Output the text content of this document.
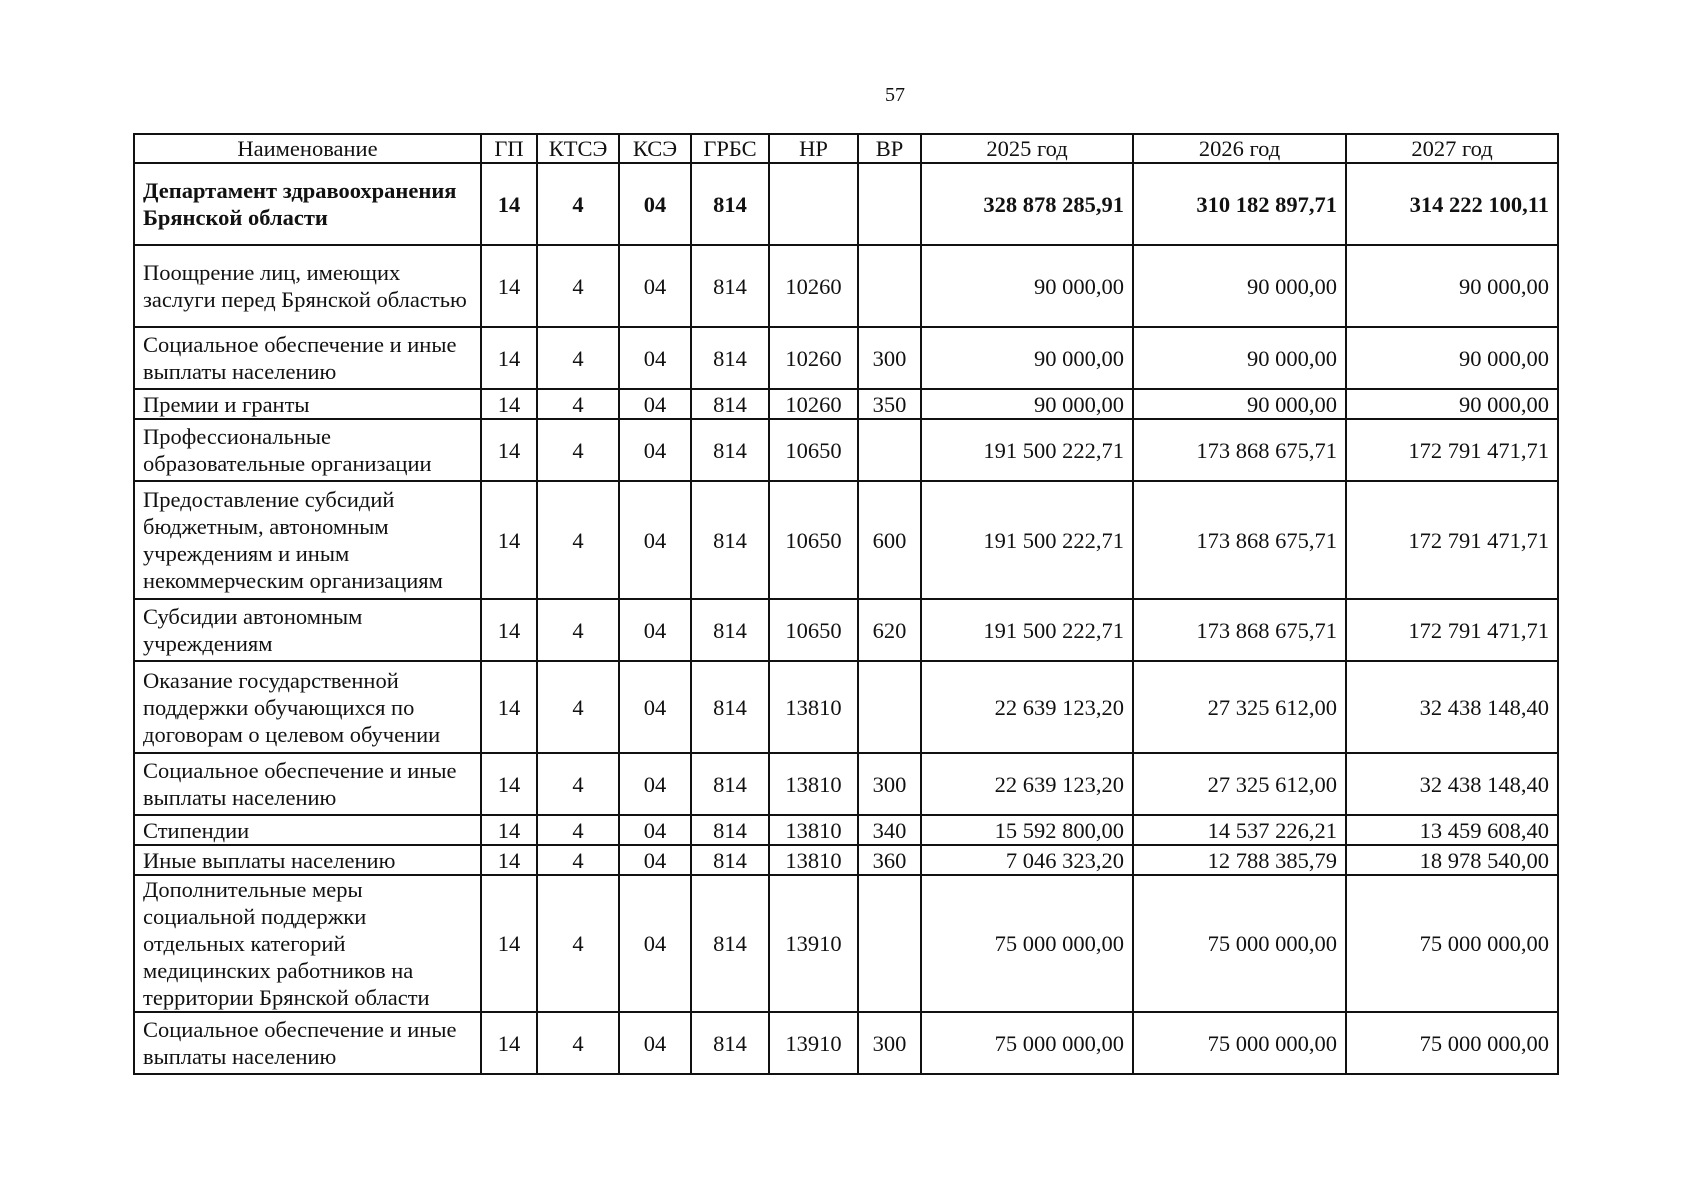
57
Наименование	ГП	КТСЭ	КСЭ	ГРБС	НР	ВР	2025 год	2026 год	2027 год
Департамент здравоохранения Брянской области	14	4	04	814			328 878 285,91	310 182 897,71	314 222 100,11
Поощрение лиц, имеющих заслуги перед Брянской областью	14	4	04	814	10260		90 000,00	90 000,00	90 000,00
Социальное обеспечение и иные выплаты населению	14	4	04	814	10260	300	90 000,00	90 000,00	90 000,00
Премии и гранты	14	4	04	814	10260	350	90 000,00	90 000,00	90 000,00
Профессиональные образовательные организации	14	4	04	814	10650		191 500 222,71	173 868 675,71	172 791 471,71
Предоставление субсидий бюджетным, автономным учреждениям и иным некоммерческим организациям	14	4	04	814	10650	600	191 500 222,71	173 868 675,71	172 791 471,71
Субсидии автономным учреждениям	14	4	04	814	10650	620	191 500 222,71	173 868 675,71	172 791 471,71
Оказание государственной поддержки обучающихся по договорам о целевом обучении	14	4	04	814	13810		22 639 123,20	27 325 612,00	32 438 148,40
Социальное обеспечение и иные выплаты населению	14	4	04	814	13810	300	22 639 123,20	27 325 612,00	32 438 148,40
Стипендии	14	4	04	814	13810	340	15 592 800,00	14 537 226,21	13 459 608,40
Иные выплаты населению	14	4	04	814	13810	360	7 046 323,20	12 788 385,79	18 978 540,00
Дополнительные меры социальной поддержки отдельных категорий медицинских работников на территории Брянской области	14	4	04	814	13910		75 000 000,00	75 000 000,00	75 000 000,00
Социальное обеспечение и иные выплаты населению	14	4	04	814	13910	300	75 000 000,00	75 000 000,00	75 000 000,00
